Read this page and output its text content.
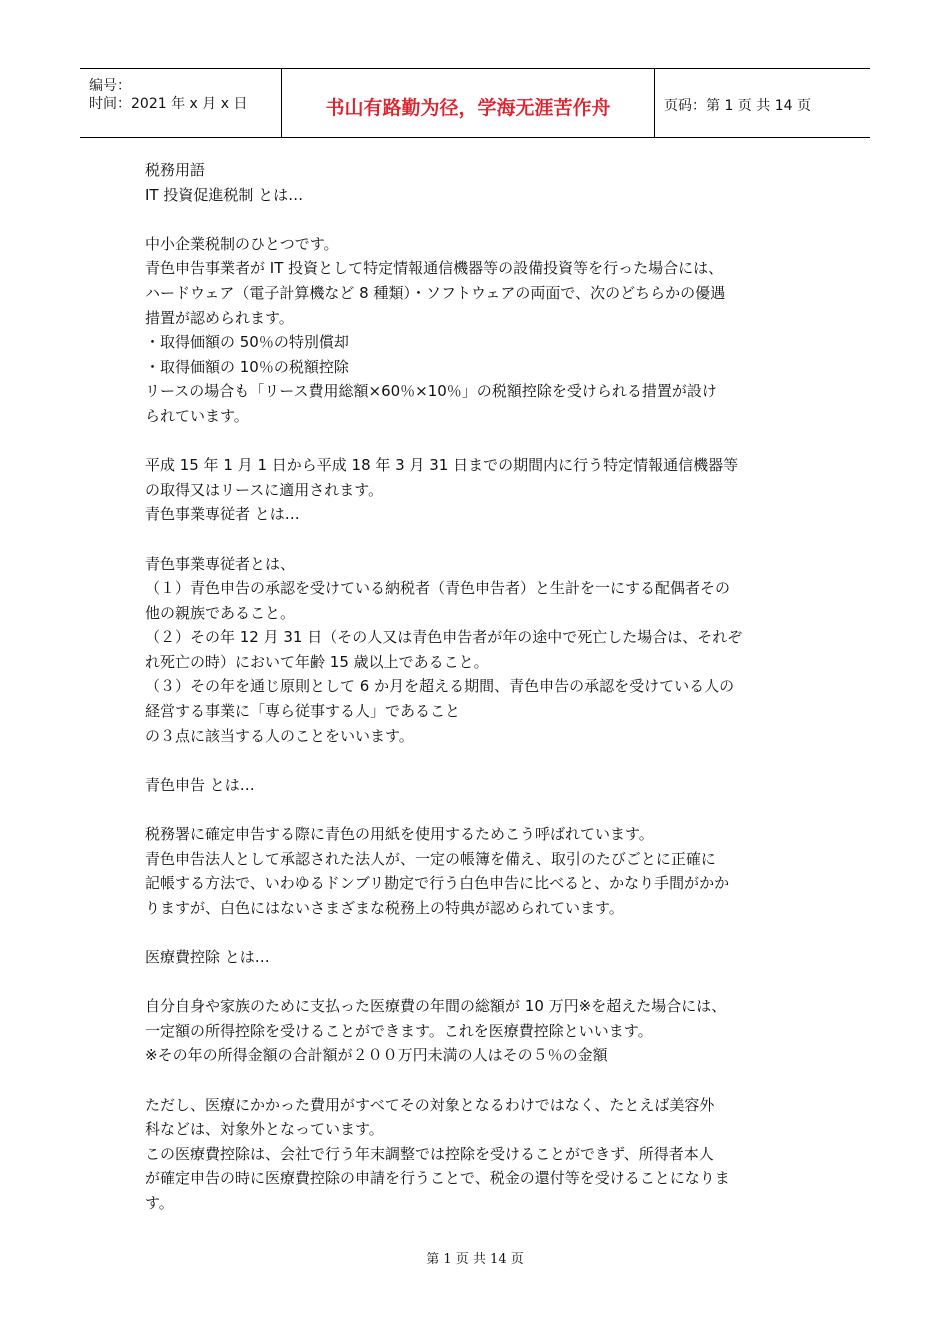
编号：
时间：2021 年 x 月 x 日	书山有路勤为径，学海无涯苦作舟	页码：第 1 页 共 14 页
税務用語
IT 投資促進税制 とは…
中小企業税制のひとつです。
青色申告事業者が IT 投資として特定情報通信機器等の設備投資等を行った場合には、
ハードウェア（電子計算機など 8 種類）・ソフトウェアの両面で、次のどちらかの優遇
措置が認められます。
・取得価額の 50％の特別償却
・取得価額の 10％の税額控除
リースの場合も「リース費用総額×60％×10％」の税額控除を受けられる措置が設け
られています。
平成 15 年 1 月 1 日から平成 18 年 3 月 31 日までの期間内に行う特定情報通信機器等
の取得又はリースに適用されます。
青色事業専従者 とは…
青色事業専従者とは、
（１）青色申告の承認を受けている納税者（青色申告者）と生計を一にする配偶者その
他の親族であること。
（２）その年 12 月 31 日（その人又は青色申告者が年の途中で死亡した場合は、それぞ
れ死亡の時）において年齢 15 歳以上であること。
（３）その年を通じ原則として 6 か月を超える期間、青色申告の承認を受けている人の
経営する事業に「専ら従事する人」であること
の３点に該当する人のことをいいます。
青色申告 とは…
税務署に確定申告する際に青色の用紙を使用するためこう呼ばれています。
青色申告法人として承認された法人が、一定の帳簿を備え、取引のたびごとに正確に
記帳する方法で、いわゆるドンブリ勘定で行う白色申告に比べると、かなり手間がかか
りますが、白色にはないさまざまな税務上の特典が認められています。
医療費控除 とは…
自分自身や家族のために支払った医療費の年間の総額が 10 万円※を超えた場合には、
一定額の所得控除を受けることができます。これを医療費控除といいます。
※その年の所得金額の合計額が２００万円未満の人はその５％の金額
ただし、医療にかかった費用がすべてその対象となるわけではなく、たとえば美容外
科などは、対象外となっています。
この医療費控除は、会社で行う年末調整では控除を受けることができず、所得者本人
が確定申告の時に医療費控除の申請を行うことで、税金の還付等を受けることになりま
す。
第 1 页 共 14 页
